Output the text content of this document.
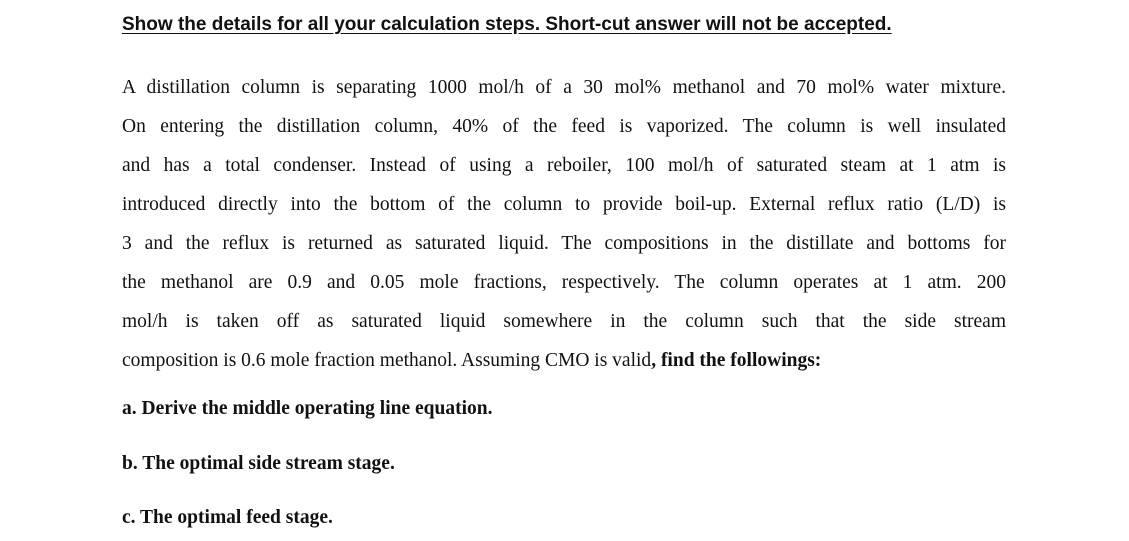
Show the details for all your calculation steps. Short-cut answer will not be accepted.
A distillation column is separating 1000 mol/h of a 30 mol% methanol and 70 mol% water mixture.
On entering the distillation column, 40% of the feed is vaporized. The column is well insulated
and has a total condenser. Instead of using a reboiler, 100 mol/h of saturated steam at 1 atm is
introduced directly into the bottom of the column to provide boil-up. External reflux ratio (L/D) is
3 and the reflux is returned as saturated liquid. The compositions in the distillate and bottoms for
the methanol are 0.9 and 0.05 mole fractions, respectively. The column operates at 1 atm. 200
mol/h is taken off as saturated liquid somewhere in the column such that the side stream
composition is 0.6 mole fraction methanol. Assuming CMO is valid, find the followings:
a. Derive the middle operating line equation.
b. The optimal side stream stage.
c. The optimal feed stage.
